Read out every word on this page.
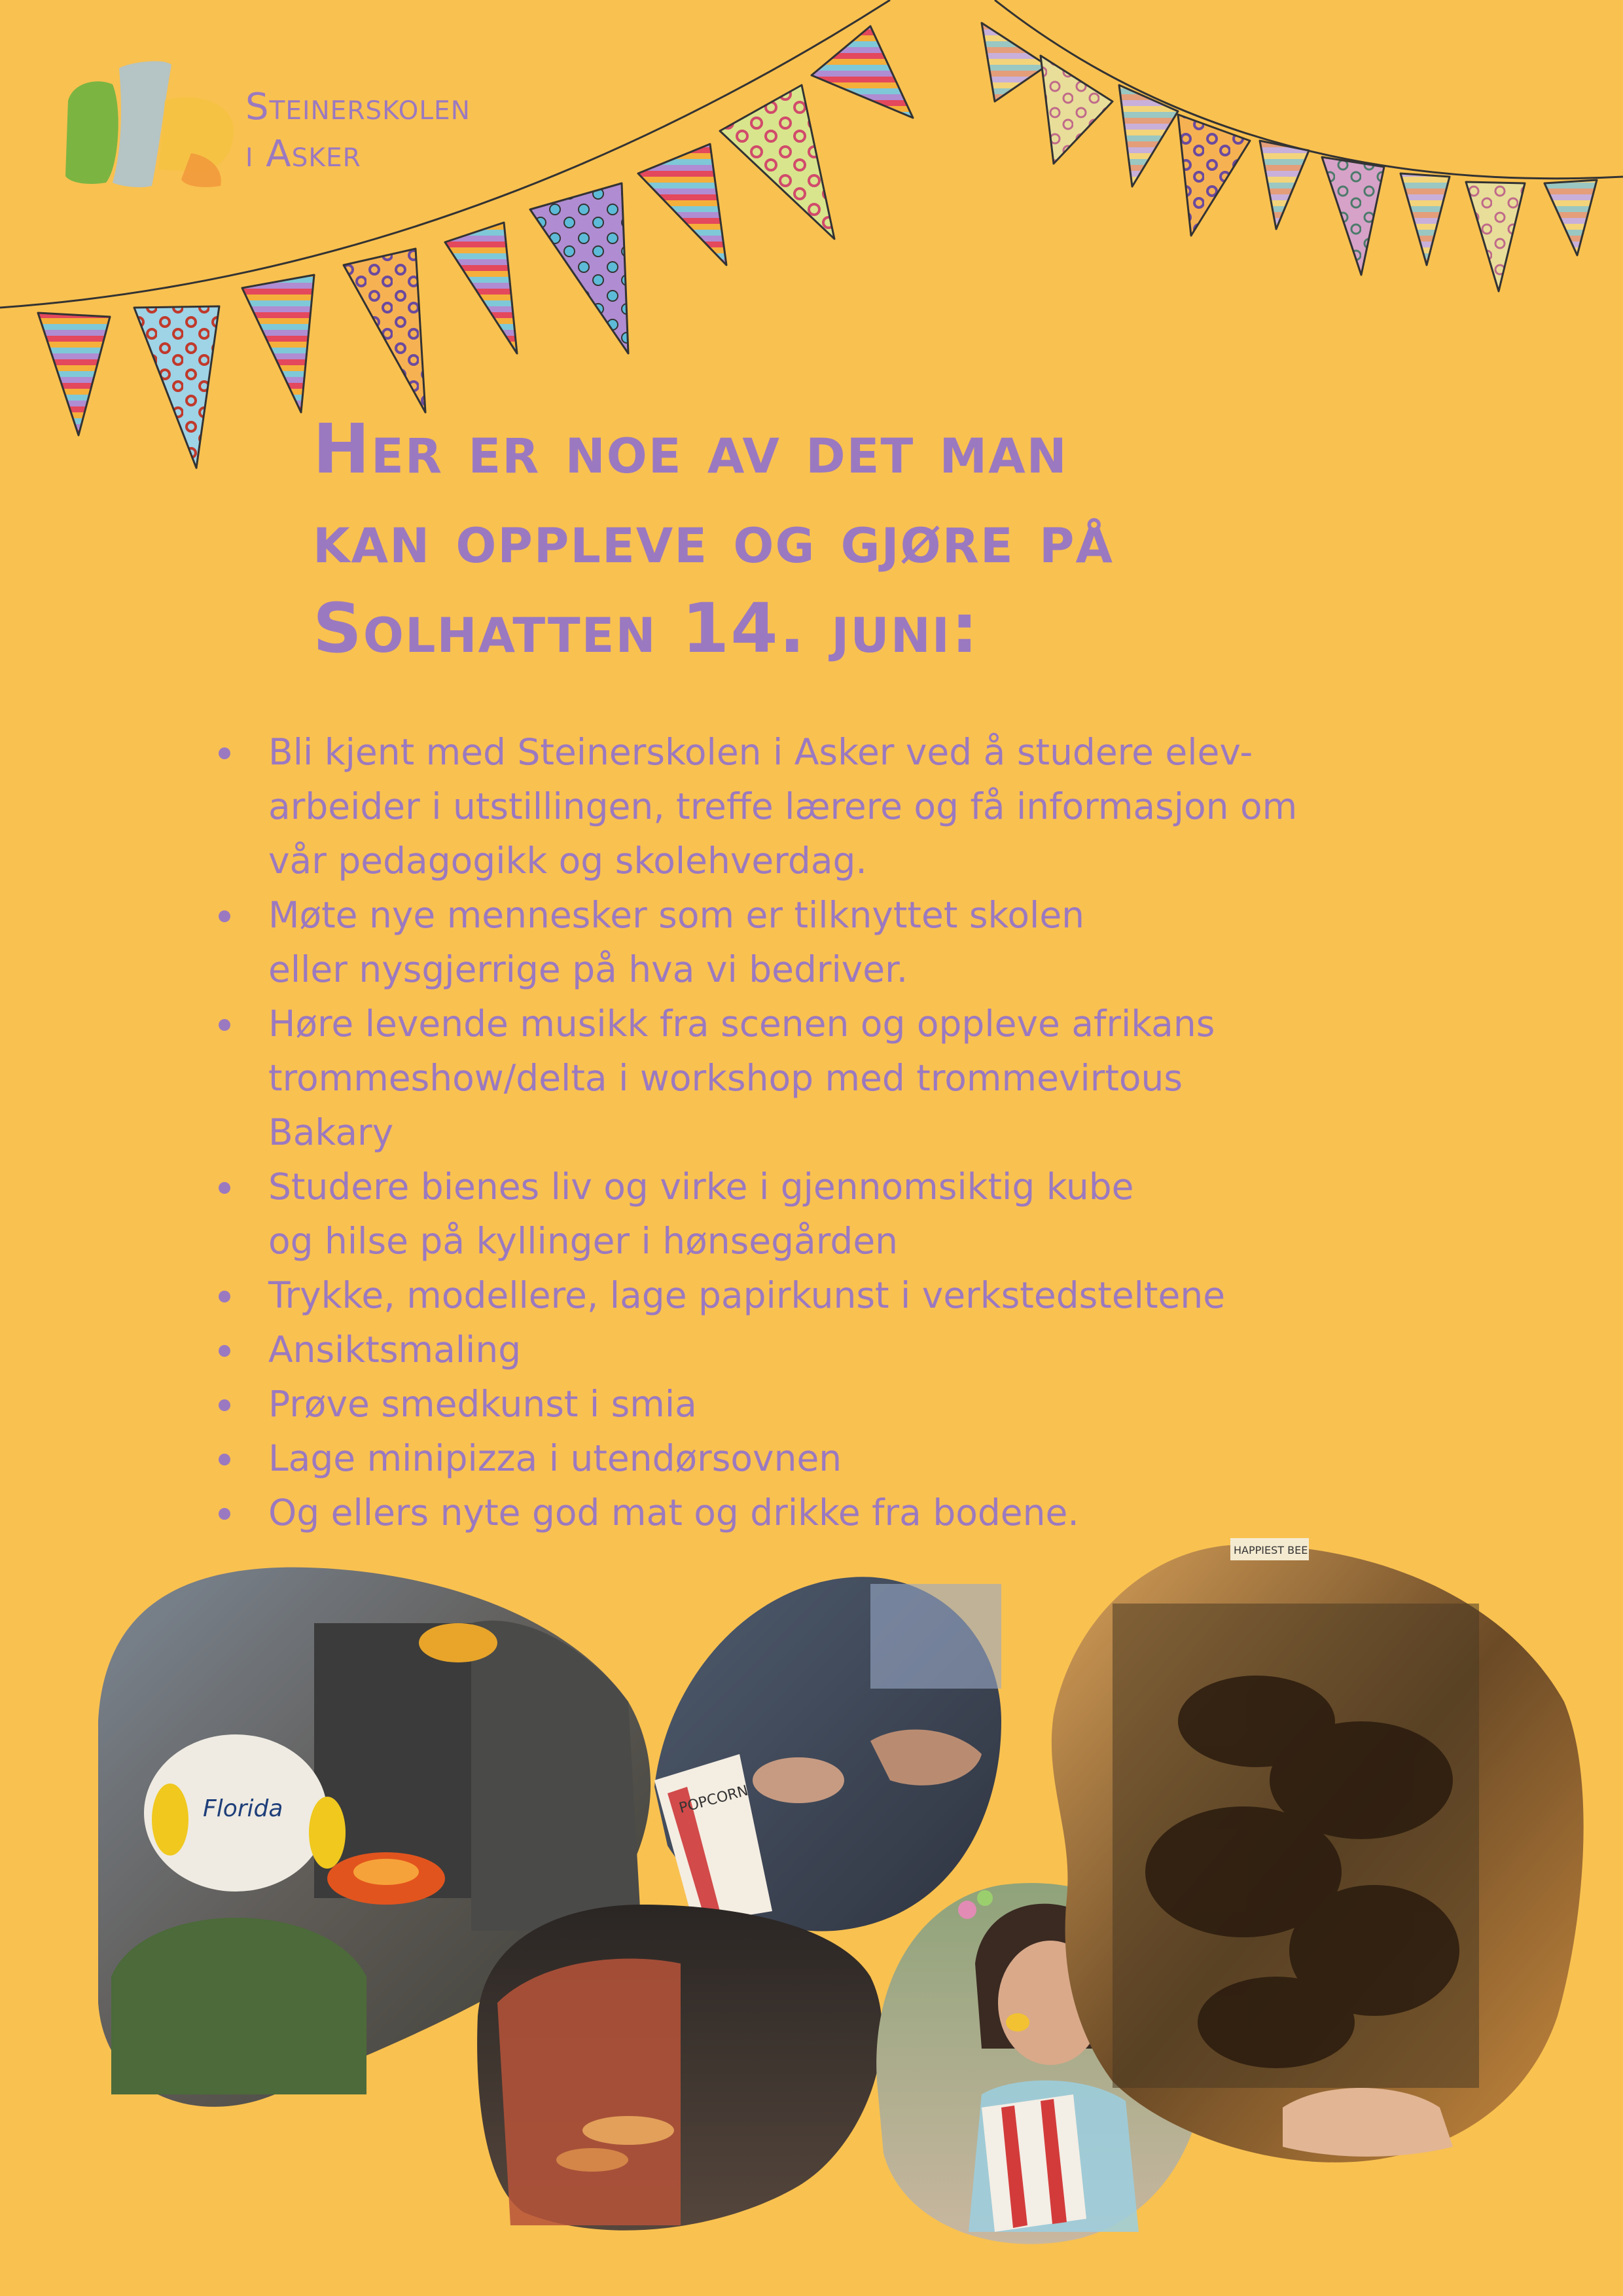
Steinerskolen
i Asker
Her er noe av det man
kan oppleve og gjøre på
Solhatten 14. juni:
Bli kjent med Steinerskolen i Asker ved å studere elev-
arbeider i utstillingen, treffe lærere og få informasjon om
vår pedagogikk og skolehverdag.
Møte nye mennesker som er tilknyttet skolen
eller nysgjerrige på hva vi bedriver.
Høre levende musikk fra scenen og oppleve afrikans
trommeshow/delta i workshop med trommevirtous
Bakary
Studere bienes liv og virke i gjennomsiktig kube
og hilse på kyllinger i hønsegården
Trykke, modellere, lage papirkunst i verkstedsteltene
Ansiktsmaling
Prøve smedkunst i smia
Lage minipizza i utendørsovnen
Og ellers nyte god mat og drikke fra bodene.
Florida	POPCORN
HAPPIEST BEE
